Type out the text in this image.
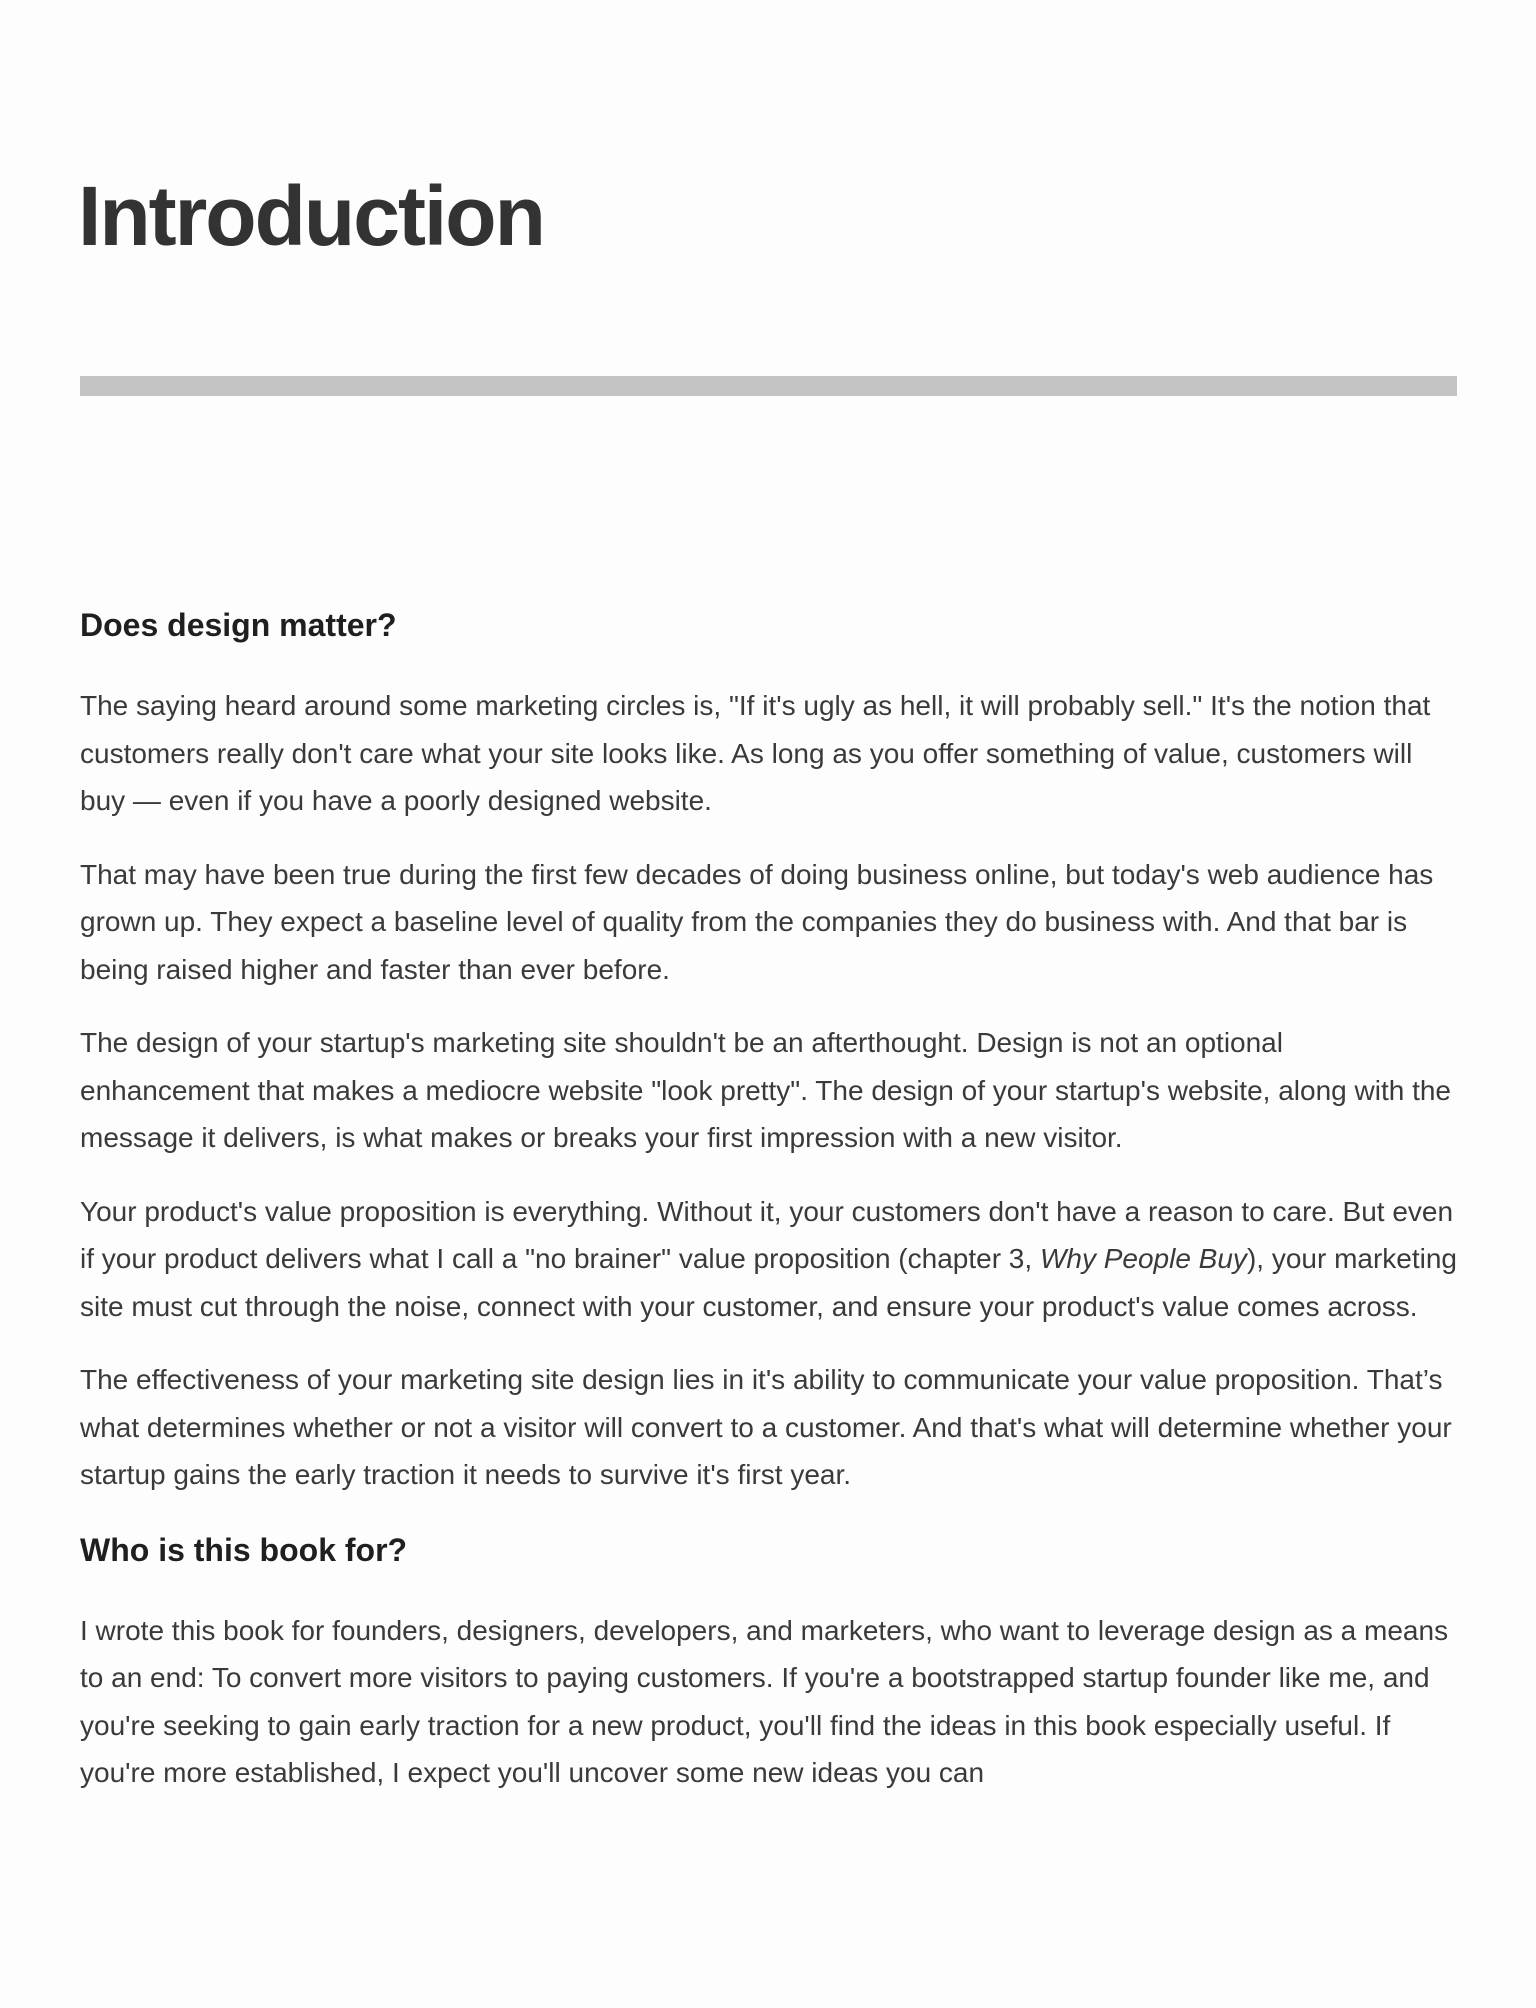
Introduction
Does design matter?

The saying heard around some marketing circles is, "If it's ugly as hell, it will probably sell." It's the notion that customers really don't care what your site looks like. As long as you offer something of value, customers will buy — even if you have a poorly designed website.

That may have been true during the first few decades of doing business online, but today's web audience has grown up. They expect a baseline level of quality from the companies they do business with. And that bar is being raised higher and faster than ever before.

The design of your startup's marketing site shouldn't be an afterthought. Design is not an optional enhancement that makes a mediocre website "look pretty". The design of your startup's website, along with the message it delivers, is what makes or breaks your first impression with a new visitor.

Your product's value proposition is everything. Without it, your customers don't have a reason to care. But even if your product delivers what I call a "no brainer" value proposition (chapter 3, Why People Buy), your marketing site must cut through the noise, connect with your customer, and ensure your product's value comes across.

The effectiveness of your marketing site design lies in it's ability to communicate your value proposition. That’s what determines whether or not a visitor will convert to a customer. And that's what will determine whether your startup gains the early traction it needs to survive it's first year.

Who is this book for?

I wrote this book for founders, designers, developers, and marketers, who want to leverage design as a means to an end: To convert more visitors to paying customers. If you're a bootstrapped startup founder like me, and you're seeking to gain early traction for a new product, you'll find the ideas in this book especially useful. If you're more established, I expect you'll uncover some new ideas you can
